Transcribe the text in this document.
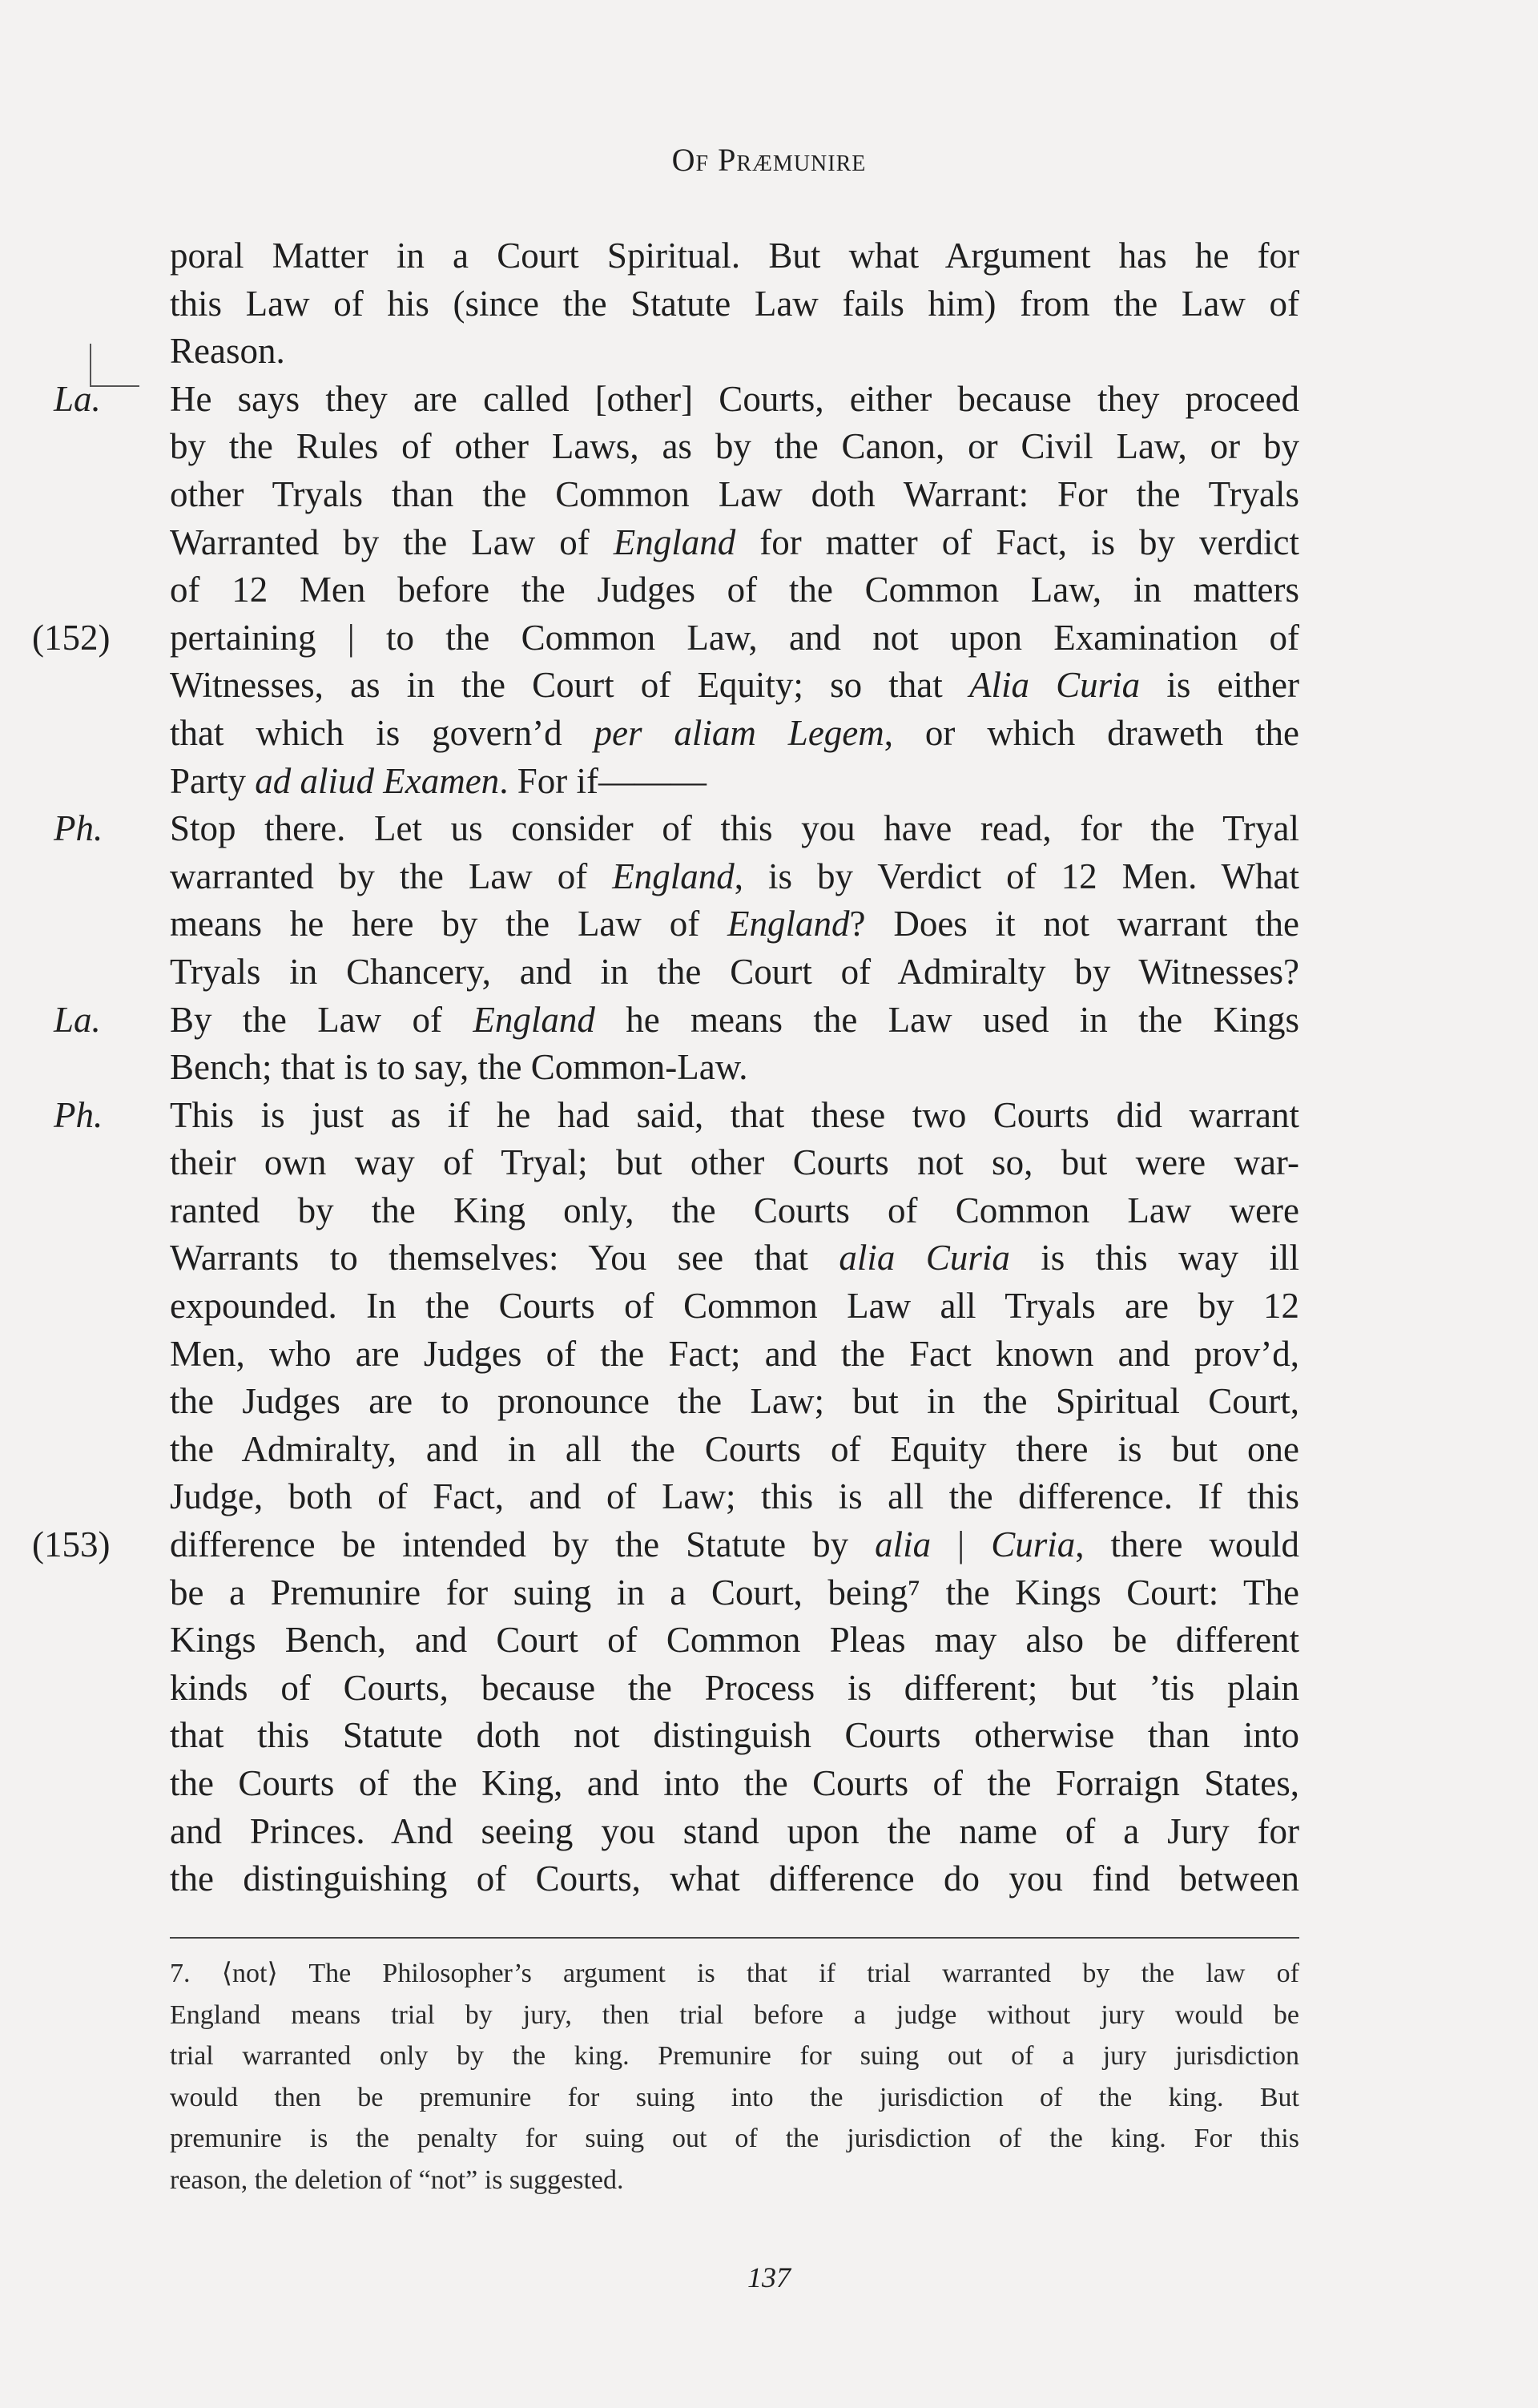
Of Præmunire
poral Matter in a Court Spiritual. But what Argument has he for
this Law of his (since the Statute Law fails him) from the Law of
Reason.
La.	He says they are called [other] Courts, either because they proceed
by the Rules of other Laws, as by the Canon, or Civil Law, or by
other Tryals than the Common Law doth Warrant: For the Tryals
Warranted by the Law of England for matter of Fact, is by verdict
of 12 Men before the Judges of the Common Law, in matters
(152)	pertaining | to the Common Law, and not upon Examination of
Witnesses, as in the Court of Equity; so that Alia Curia is either
that which is govern’d per aliam Legem, or which draweth the
Party ad aliud Examen. For if———
Ph.	Stop there. Let us consider of this you have read, for the Tryal
warranted by the Law of England, is by Verdict of 12 Men. What
means he here by the Law of England? Does it not warrant the
Tryals in Chancery, and in the Court of Admiralty by Witnesses?
La.	By the Law of England he means the Law used in the Kings
Bench; that is to say, the Common-Law.
Ph.	This is just as if he had said, that these two Courts did warrant
their own way of Tryal; but other Courts not so, but were war-
ranted by the King only, the Courts of Common Law were
Warrants to themselves: You see that alia Curia is this way ill
expounded. In the Courts of Common Law all Tryals are by 12
Men, who are Judges of the Fact; and the Fact known and prov’d,
the Judges are to pronounce the Law; but in the Spiritual Court,
the Admiralty, and in all the Courts of Equity there is but one
Judge, both of Fact, and of Law; this is all the difference. If this
(153)	difference be intended by the Statute by alia | Curia, there would
be a Premunire for suing in a Court, being⁷ the Kings Court: The
Kings Bench, and Court of Common Pleas may also be different
kinds of Courts, because the Process is different; but ’tis plain
that this Statute doth not distinguish Courts otherwise than into
the Courts of the King, and into the Courts of the Forraign States,
and Princes. And seeing you stand upon the name of a Jury for
the distinguishing of Courts, what difference do you find between
7. ⟨not⟩ The Philosopher’s argument is that if trial warranted by the law of
England means trial by jury, then trial before a judge without jury would be
trial warranted only by the king. Premunire for suing out of a jury jurisdiction
would then be premunire for suing into the jurisdiction of the king. But
premunire is the penalty for suing out of the jurisdiction of the king. For this
reason, the deletion of “not” is suggested.
137
